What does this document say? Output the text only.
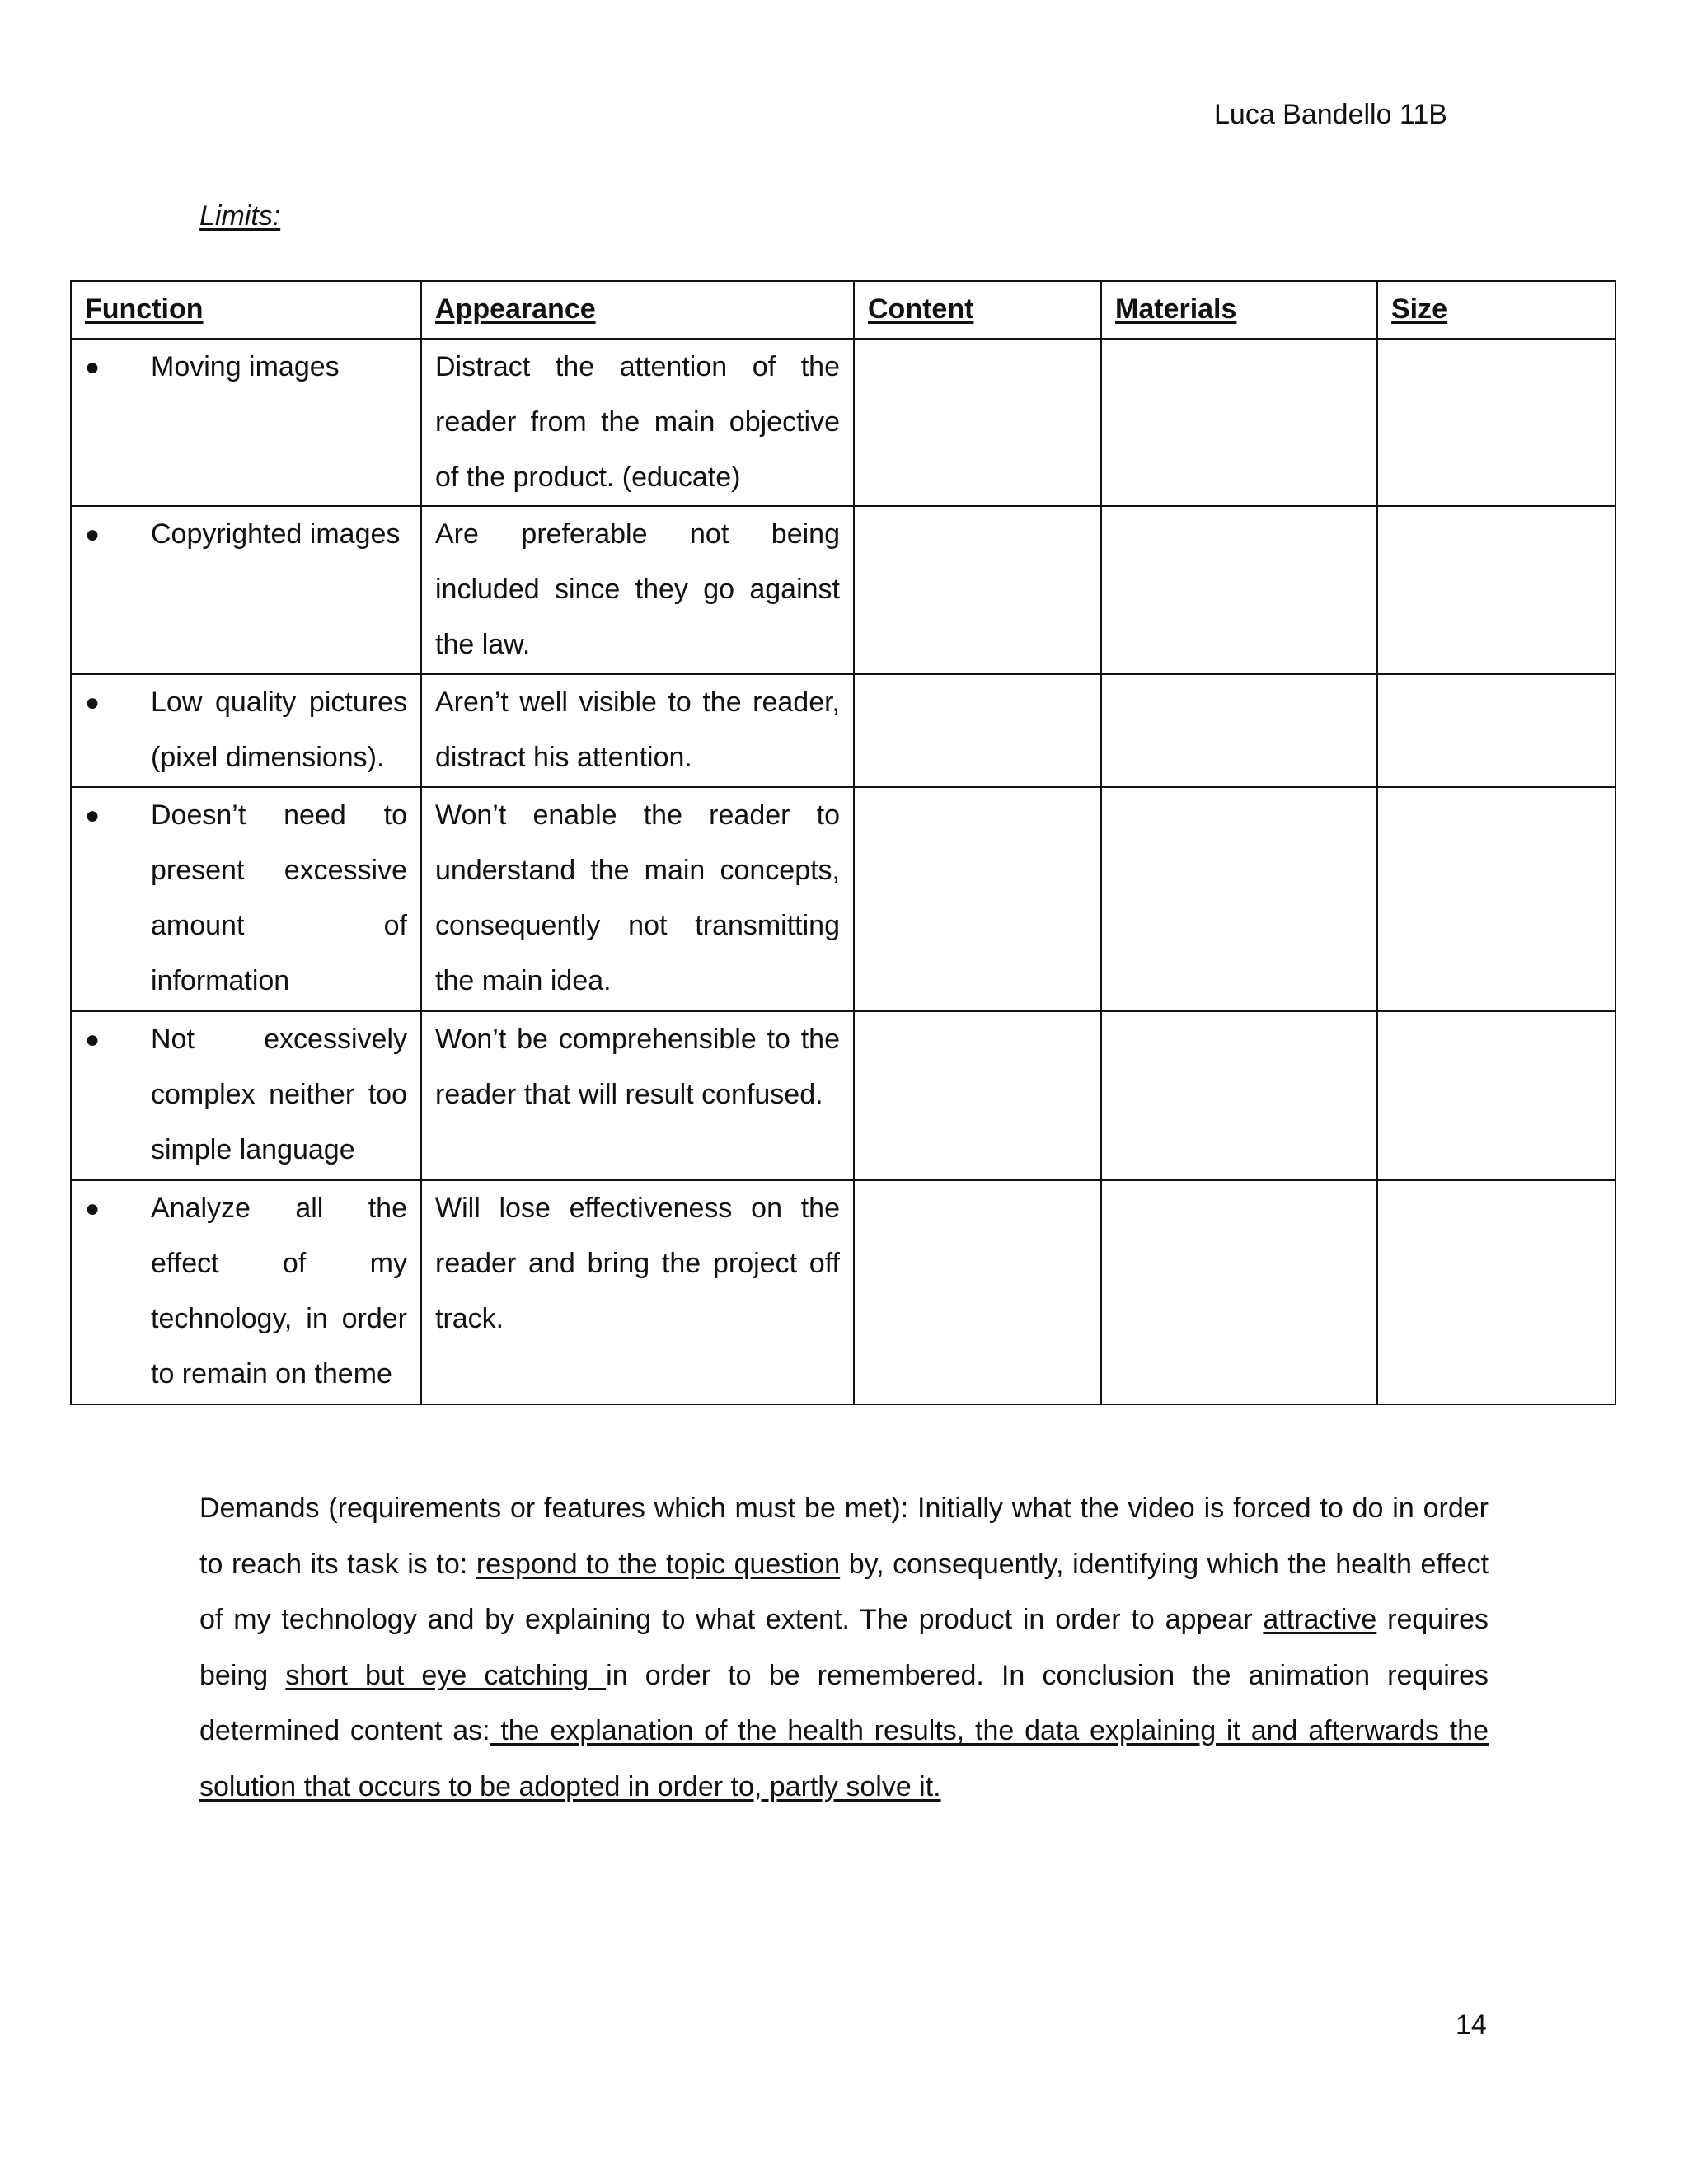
Luca Bandello 11B
Limits:
Function	Appearance	Content	Materials	Size

● Moving images	Distract the attention of the reader from the main objective of the product. (educate)			

● Copyrighted images	Are preferable not being included since they go against the law.			

● Low quality pictures (pixel dimensions).	Aren’t well visible to the reader, distract his attention.			

● Doesn’t need to present excessive amount of information	Won’t enable the reader to understand the main concepts, consequently not transmitting the main idea.			

● Not excessively complex neither too simple language	Won’t be comprehensible to the reader that will result confused.			

● Analyze all the effect of my technology, in order to remain on theme	Will lose effectiveness on the reader and bring the project off track.			

Demands (requirements or features which must be met): Initially what the video is forced to do in order to reach its task is to: respond to the topic question by, consequently, identifying which the health effect of my technology and by explaining to what extent. The product in order to appear attractive requires being short but eye catching in order to be remembered. In conclusion the animation requires determined content as: the explanation of the health results, the data explaining it and afterwards the solution that occurs to be adopted in order to, partly solve it.
14
